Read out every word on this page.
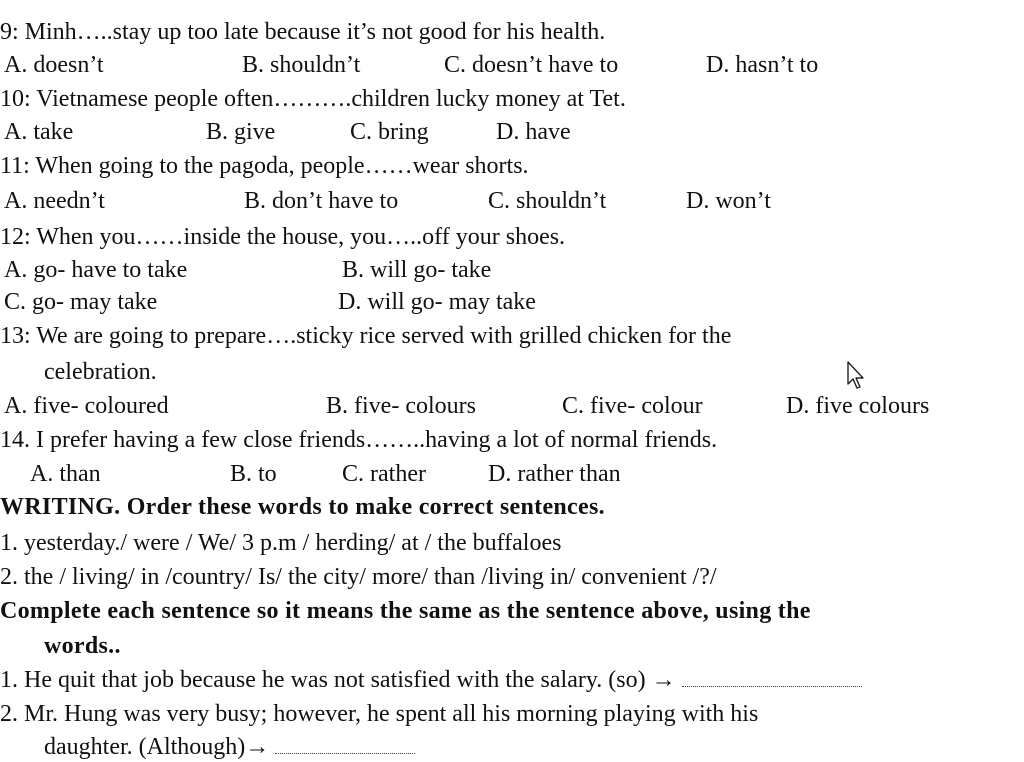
9: Minh…..stay up too late because it’s not good for his health.
A. doesn’t	B. shouldn’t	C. doesn’t have to	D. hasn’t to
10: Vietnamese people often……….children lucky money at Tet.
A. take	B. give	C. bring	D. have
11: When going to the pagoda, people……wear shorts.
A. needn’t	B. don’t have to	C. shouldn’t	D. won’t
12: When you……inside the house, you…..off your shoes.
A. go- have to take	B. will go- take
C. go- may take	D. will go- may take
13: We are going to prepare….sticky rice served with grilled chicken for the
celebration.
A. five- coloured	B. five- colours	C. five- colour	D. five colours
14. I prefer having a few close friends……..having a lot of normal friends.
A. than	B. to	C. rather	D. rather than
WRITING. Order these words to make correct sentences.
1. yesterday./ were / We/ 3 p.m / herding/ at / the buffaloes
2. the / living/ in /country/ Is/ the city/ more/ than /living in/ convenient /?/
Complete each sentence so it means the same as the sentence above, using the
words..
1. He quit that job because he was not satisfied with the salary. (so) →
2. Mr. Hung was very busy; however, he spent all his morning playing with his
daughter. (Although)→
